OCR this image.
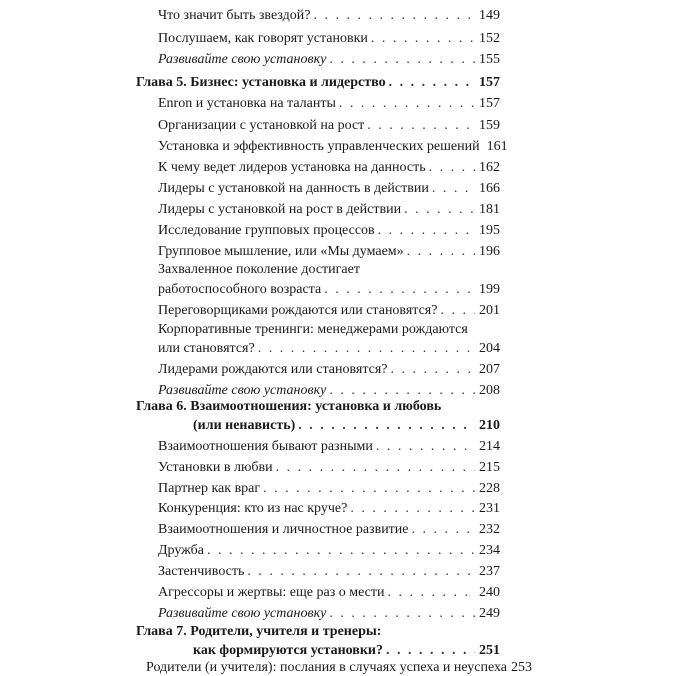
Что значит быть звездой? . . .	149
Послушаем, как говорят установки . . .	152
Развивайте свою установку . . .	155
Глава 5. Бизнес: установка и лидерство . . .	157
Enron и установка на таланты . . .	157
Организации с установкой на рост . . .	159
Установка и эффективность управленческих решений 161
К чему ведет лидеров установка на данность . . .	162
Лидеры с установкой на данность в действии . . .	166
Лидеры с установкой на рост в действии . . .	181
Исследование групповых процессов . . .	195
Групповое мышление, или «Мы думаем» . . .	196
Захваленное поколение достигает
работоспособного возраста . . .	199
Переговорщиками рождаются или становятся? . . .	201
Корпоративные тренинги: менеджерами рождаются
или становятся? . . .	204
Лидерами рождаются или становятся? . . .	207
Развивайте свою установку . . .	208
Глава 6. Взаимоотношения: установка и любовь
(или ненависть) . . .	210
Взаимоотношения бывают разными . . .	214
Установки в любви . . .	215
Партнер как враг . . .	228
Конкуренция: кто из нас круче? . . .	231
Взаимоотношения и личностное развитие . . .	232
Дружба . . .	234
Застенчивость . . .	237
Агрессоры и жертвы: еще раз о мести . . .	240
Развивайте свою установку . . .	249
Глава 7. Родители, учителя и тренеры:
как формируются установки? . . .	251
Родители (и учителя): послания в случаях успеха и неуспеха 253
